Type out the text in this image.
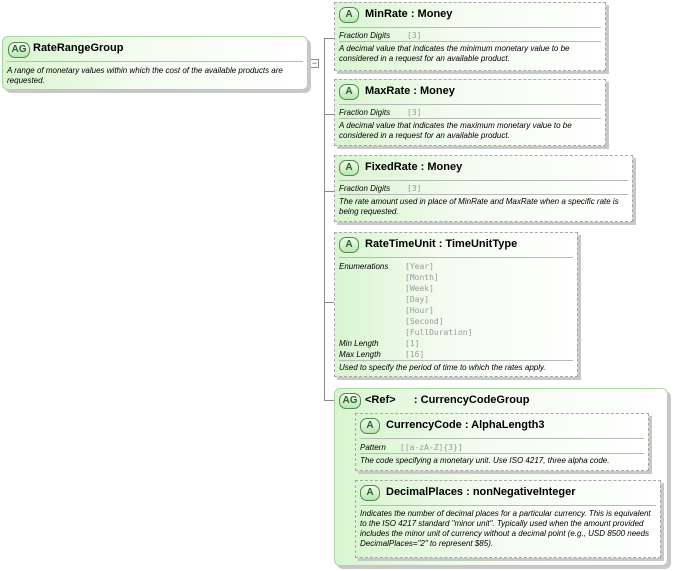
−
AG RateRangeGroup
A range of monetary values within which the cost of the available products are requested.
A	MinRate : Money
Fraction Digits [3]
A decimal value that indicates the minimum monetary value to be considered in a request for an available product.
A	MaxRate : Money
Fraction Digits [3]
A decimal value that indicates the maximum monetary value to be considered in a request for an available product.
A	FixedRate : Money
Fraction Digits [3]
The rate amount used in place of MinRate and MaxRate when a specific rate is being requested.
A	RateTimeUnit : TimeUnitType
Enumerations [Year]
[Month]
[Week]
[Day]
[Hour]
[Second]
[FullDuration]
Min Length	[1]
Max Length	[16]
Used to specify the period of time to which the rates apply.
AG <Ref>      : CurrencyCodeGroup
A	CurrencyCode : AlphaLength3
Pattern [[a-zA-Z]{3}]
The code specifying a monetary unit. Use ISO 4217, three alpha code.
A	DecimalPlaces : nonNegativeInteger
Indicates the number of decimal places for a particular currency. This is equivalent to the ISO 4217 standard "minor unit". Typically used when the amount provided includes the minor unit of currency without a decimal point (e.g., USD 8500 needs DecimalPlaces="2" to represent $85).
